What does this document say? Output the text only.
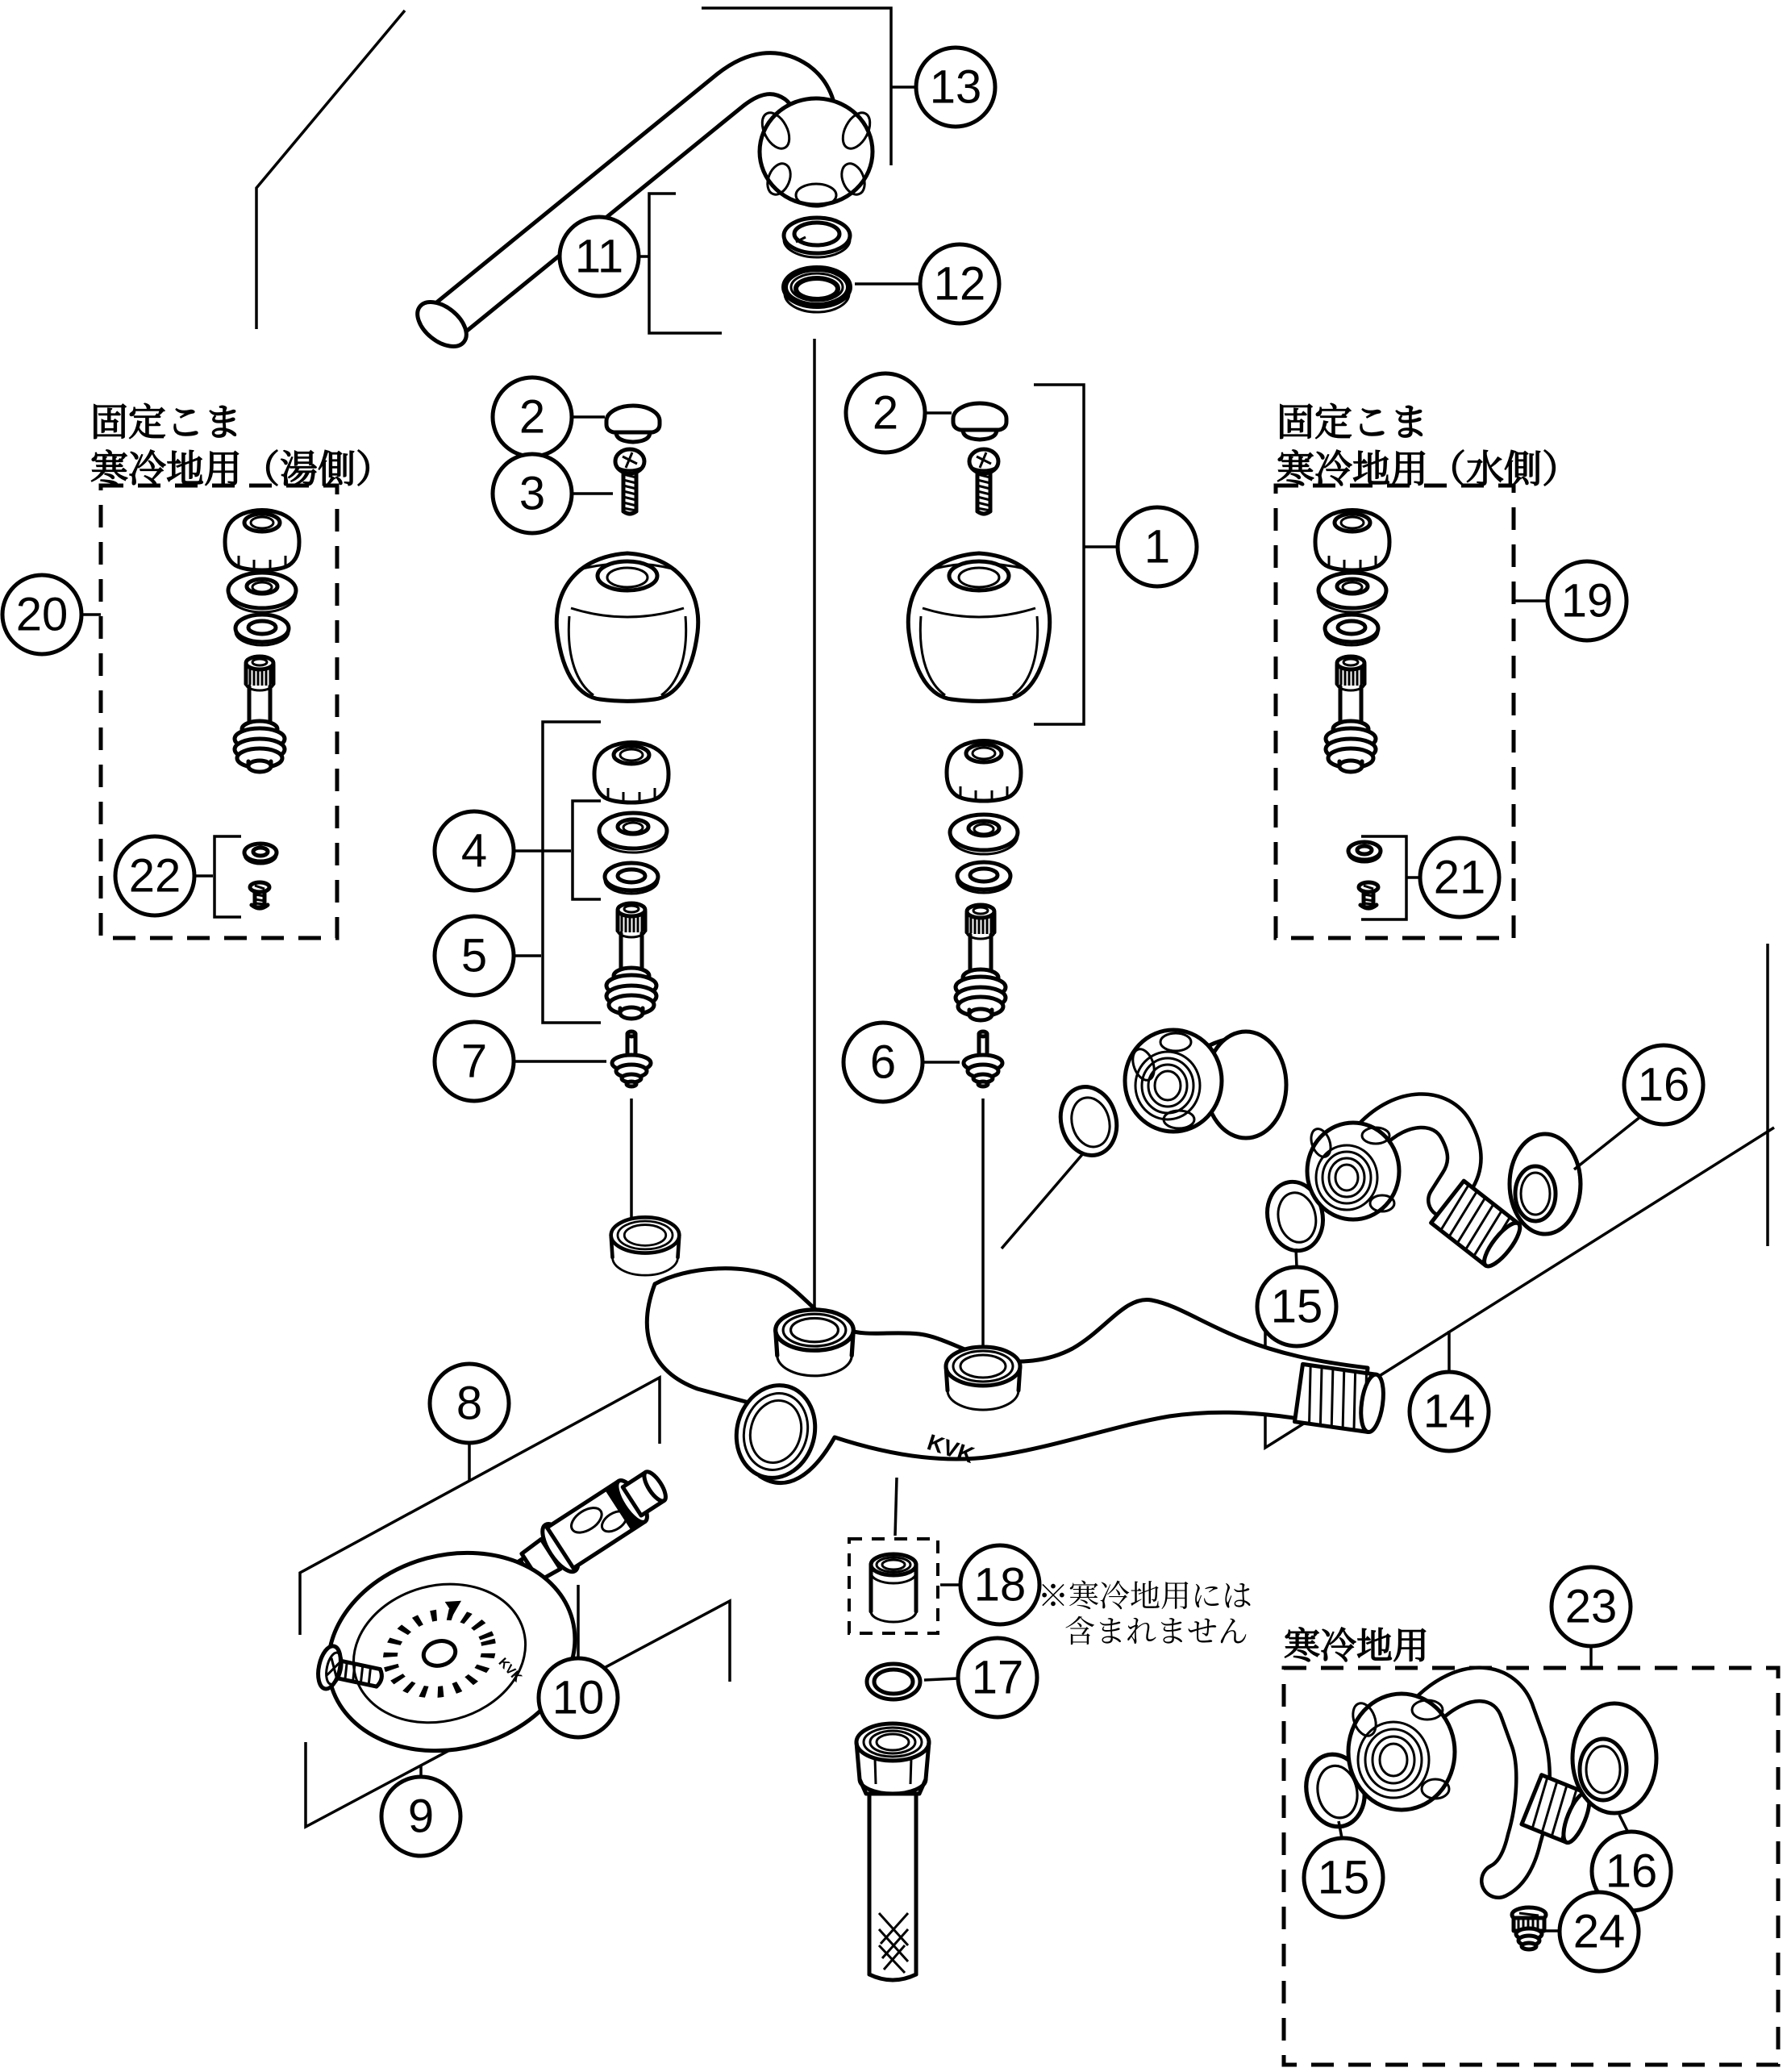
KVK
KVK
13
11
12
2
3
2
1
20	19
4
5
22	21
7	6	16
15
14
8
10
9
18
17
23
15	16
24
固定こま
寒冷地用（湯側）
固定こま
寒冷地用（水側）
寒冷地用
※寒冷地用には
含まれません
